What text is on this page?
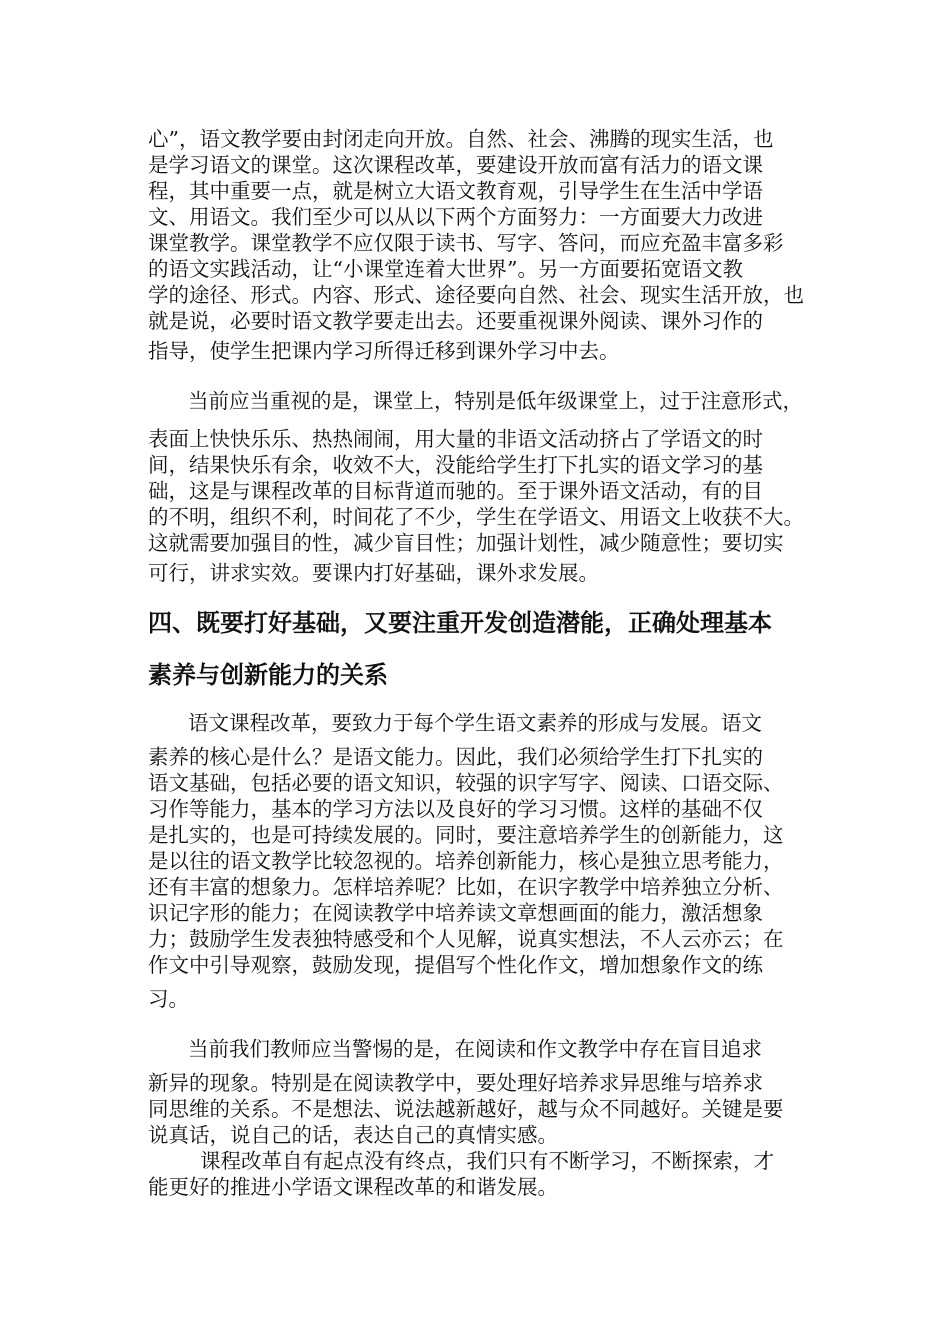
心”，语文教学要由封闭走向开放。自然、社会、沸腾的现实生活，也
是学习语文的课堂。这次课程改革，要建设开放而富有活力的语文课
程，其中重要一点，就是树立大语文教育观，引导学生在生活中学语
文、用语文。我们至少可以从以下两个方面努力：一方面要大力改进
课堂教学。课堂教学不应仅限于读书、写字、答问，而应充盈丰富多彩
的语文实践活动，让“小课堂连着大世界”。另一方面要拓宽语文教
学的途径、形式。内容、形式、途径要向自然、社会、现实生活开放，也
就是说，必要时语文教学要走出去。还要重视课外阅读、课外习作的
指导，使学生把课内学习所得迁移到课外学习中去。
当前应当重视的是，课堂上，特别是低年级课堂上，过于注意形式，
表面上快快乐乐、热热闹闹，用大量的非语文活动挤占了学语文的时
间，结果快乐有余，收效不大，没能给学生打下扎实的语文学习的基
础，这是与课程改革的目标背道而驰的。至于课外语文活动，有的目
的不明，组织不利，时间花了不少，学生在学语文、用语文上收获不大。
这就需要加强目的性，减少盲目性；加强计划性，减少随意性；要切实
可行，讲求实效。要课内打好基础，课外求发展。
四、既要打好基础，又要注重开发创造潜能，正确处理基本
素养与创新能力的关系
语文课程改革，要致力于每个学生语文素养的形成与发展。语文
素养的核心是什么？是语文能力。因此，我们必须给学生打下扎实的
语文基础，包括必要的语文知识，较强的识字写字、阅读、口语交际、
习作等能力，基本的学习方法以及良好的学习习惯。这样的基础不仅
是扎实的，也是可持续发展的。同时，要注意培养学生的创新能力，这
是以往的语文教学比较忽视的。培养创新能力，核心是独立思考能力，
还有丰富的想象力。怎样培养呢？比如，在识字教学中培养独立分析、
识记字形的能力；在阅读教学中培养读文章想画面的能力，激活想象
力；鼓励学生发表独特感受和个人见解，说真实想法，不人云亦云；在
作文中引导观察，鼓励发现，提倡写个性化作文，增加想象作文的练
习。
当前我们教师应当警惕的是，在阅读和作文教学中存在盲目追求
新异的现象。特别是在阅读教学中，要处理好培养求异思维与培养求
同思维的关系。不是想法、说法越新越好，越与众不同越好。关键是要
说真话，说自己的话，表达自己的真情实感。
课程改革自有起点没有终点，我们只有不断学习，不断探索，才
能更好的推进小学语文课程改革的和谐发展。
